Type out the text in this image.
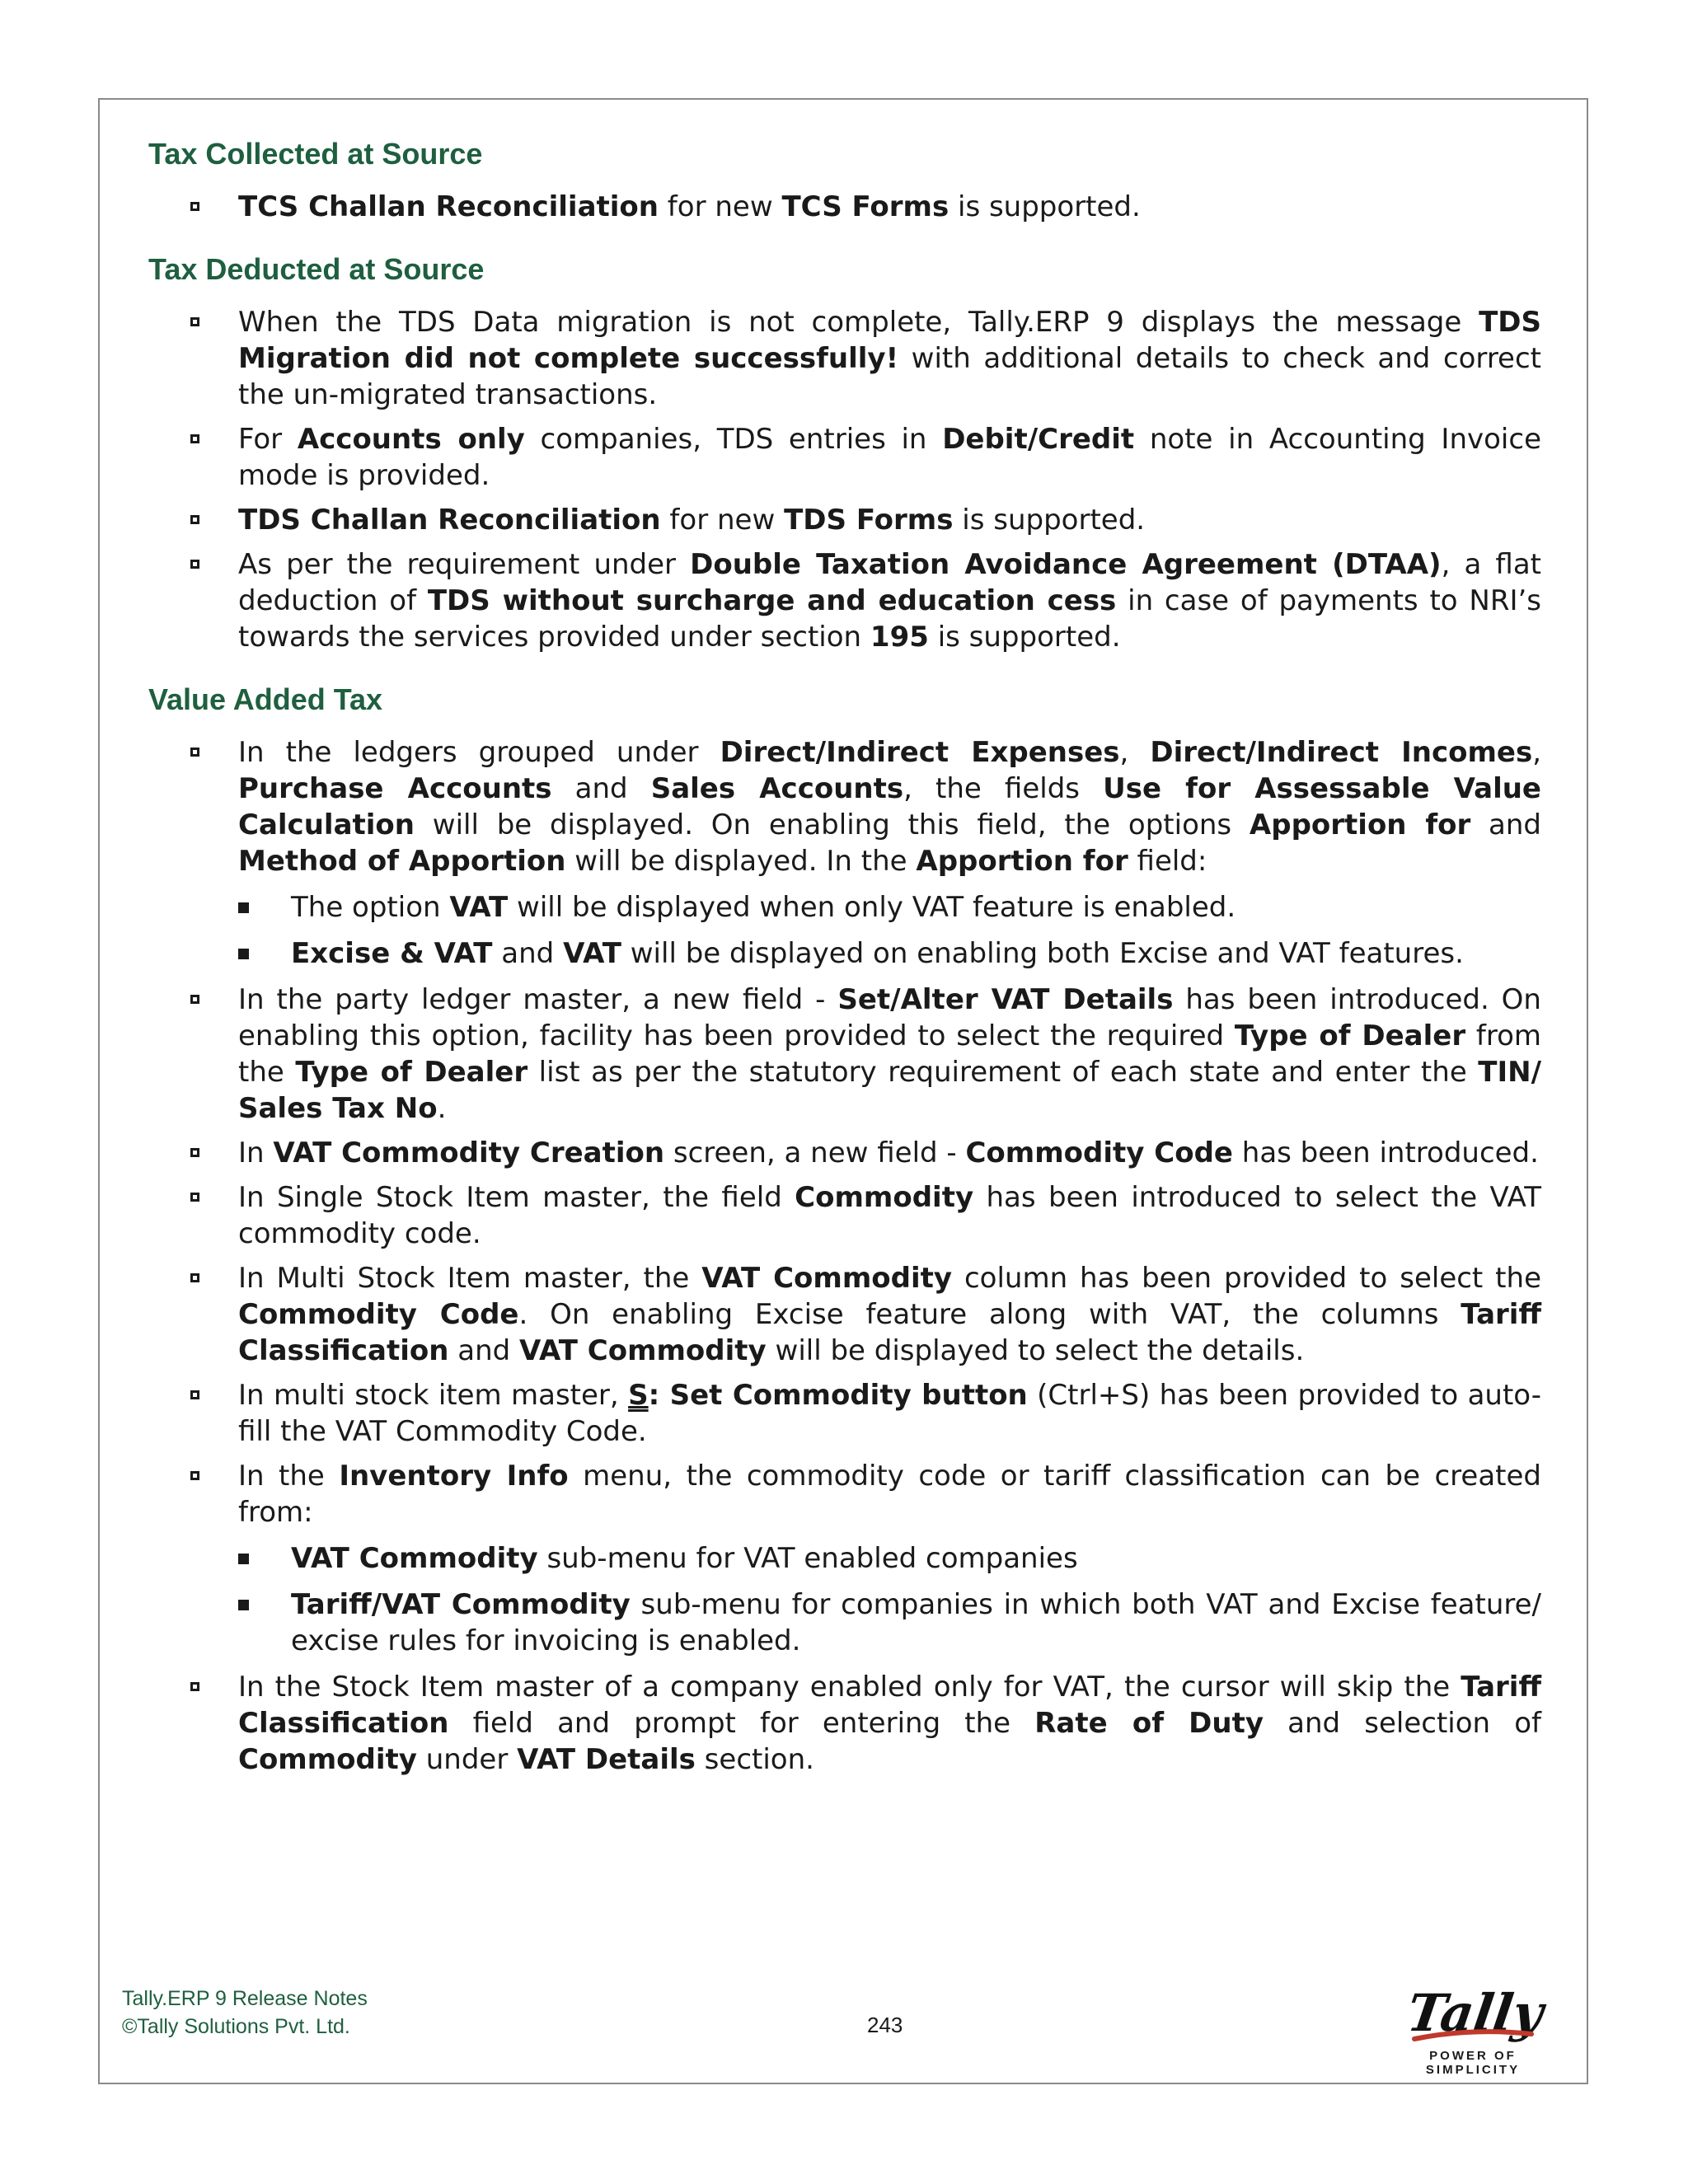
Tax Collected at Source
TCS Challan Reconciliation for new TCS Forms is supported.
Tax Deducted at Source
When the TDS Data migration is not complete, Tally.ERP 9 displays the message TDS Migration did not complete successfully! with additional details to check and correct the un-migrated transactions.
For Accounts only companies, TDS entries in Debit/Credit note in Accounting Invoice mode is provided.
TDS Challan Reconciliation for new TDS Forms is supported.
As per the requirement under Double Taxation Avoidance Agreement (DTAA), a flat deduction of TDS without surcharge and education cess in case of payments to NRI’s towards the services provided under section 195 is supported.
Value Added Tax
In the ledgers grouped under Direct/Indirect Expenses, Direct/Indirect Incomes, Purchase Accounts and Sales Accounts, the fields Use for Assessable Value Calculation will be displayed. On enabling this field, the options Apportion for and Method of Apportion will be displayed. In the Apportion for field:
The option VAT will be displayed when only VAT feature is enabled.
Excise & VAT and VAT will be displayed on enabling both Excise and VAT features.
In the party ledger master, a new field - Set/Alter VAT Details has been introduced. On enabling this option, facility has been provided to select the required Type of Dealer from the Type of Dealer list as per the statutory requirement of each state and enter the TIN/ Sales Tax No.
In VAT Commodity Creation screen, a new field - Commodity Code has been introduced.
In Single Stock Item master, the field Commodity has been introduced to select the VAT commodity code.
In Multi Stock Item master, the VAT Commodity column has been provided to select the Commodity Code. On enabling Excise feature along with VAT, the columns Tariff Classification and VAT Commodity will be displayed to select the details.
In multi stock item master, S: Set Commodity button (Ctrl+S) has been provided to auto-fill the VAT Commodity Code.
In the Inventory Info menu, the commodity code or tariff classification can be created from:
VAT Commodity sub-menu for VAT enabled companies
Tariff/VAT Commodity sub-menu for companies in which both VAT and Excise feature/ excise rules for invoicing is enabled.
In the Stock Item master of a company enabled only for VAT, the cursor will skip the Tariff Classification field and prompt for entering the Rate of Duty and selection of Commodity under VAT Details section.
Tally.ERP 9 Release Notes
©Tally Solutions Pvt. Ltd.	243	Tally
POWER OF SIMPLICITY
